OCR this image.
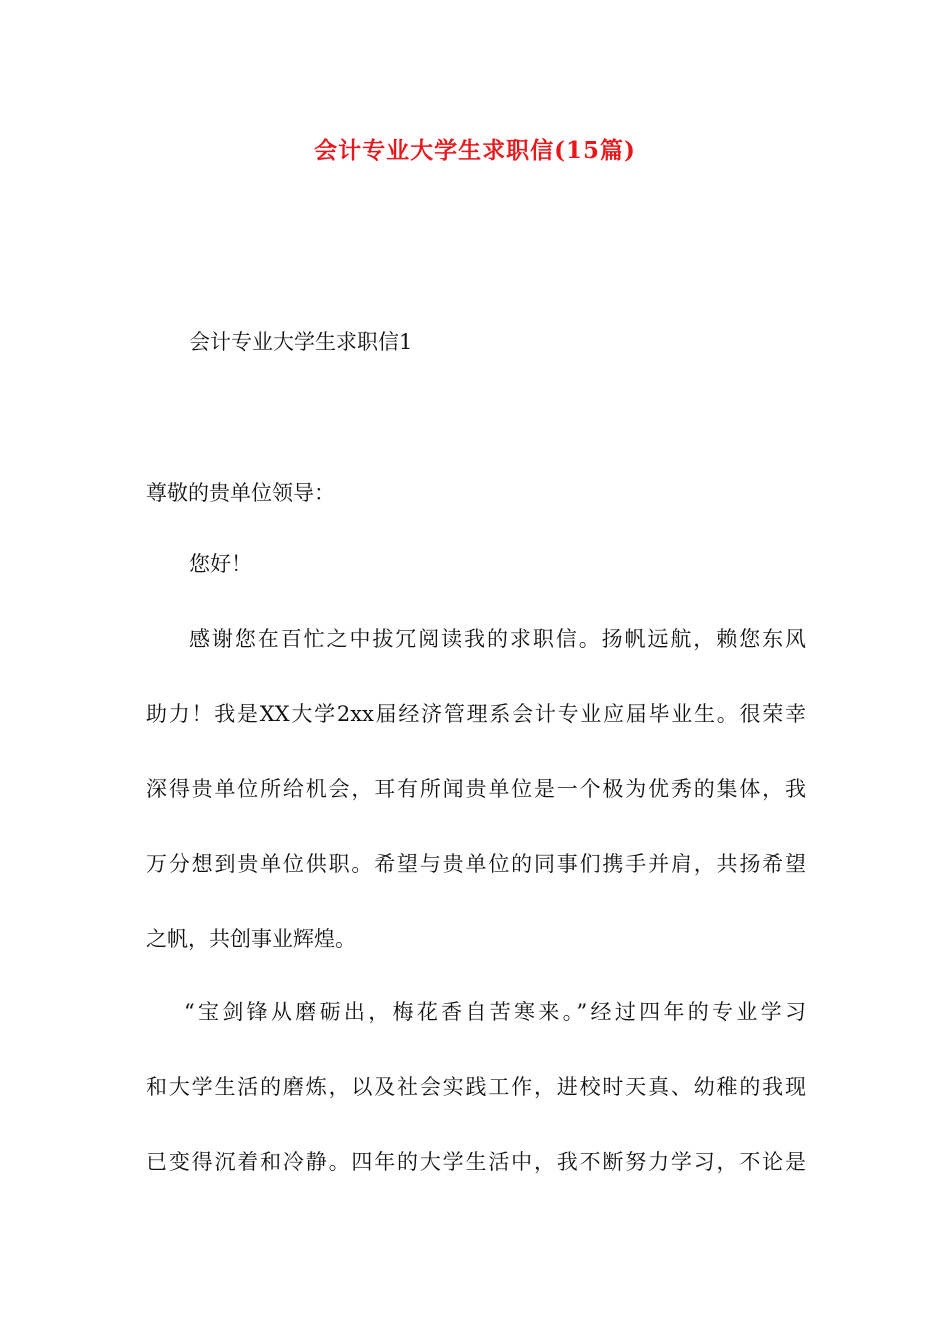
会计专业大学生求职信(15篇)
会计专业大学生求职信1

尊敬的贵单位领导：

您好！

感谢您在百忙之中拔冗阅读我的求职信。扬帆远航，赖您东风

助力！我是XX大学2xx届经济管理系会计专业应届毕业生。很荣幸

深得贵单位所给机会，耳有所闻贵单位是一个极为优秀的集体，我

万分想到贵单位供职。希望与贵单位的同事们携手并肩，共扬希望

之帆，共创事业辉煌。

“宝剑锋从磨砺出，梅花香自苦寒来。”经过四年的专业学习

和大学生活的磨炼，以及社会实践工作，进校时天真、幼稚的我现

已变得沉着和冷静。四年的大学生活中，我不断努力学习，不论是
